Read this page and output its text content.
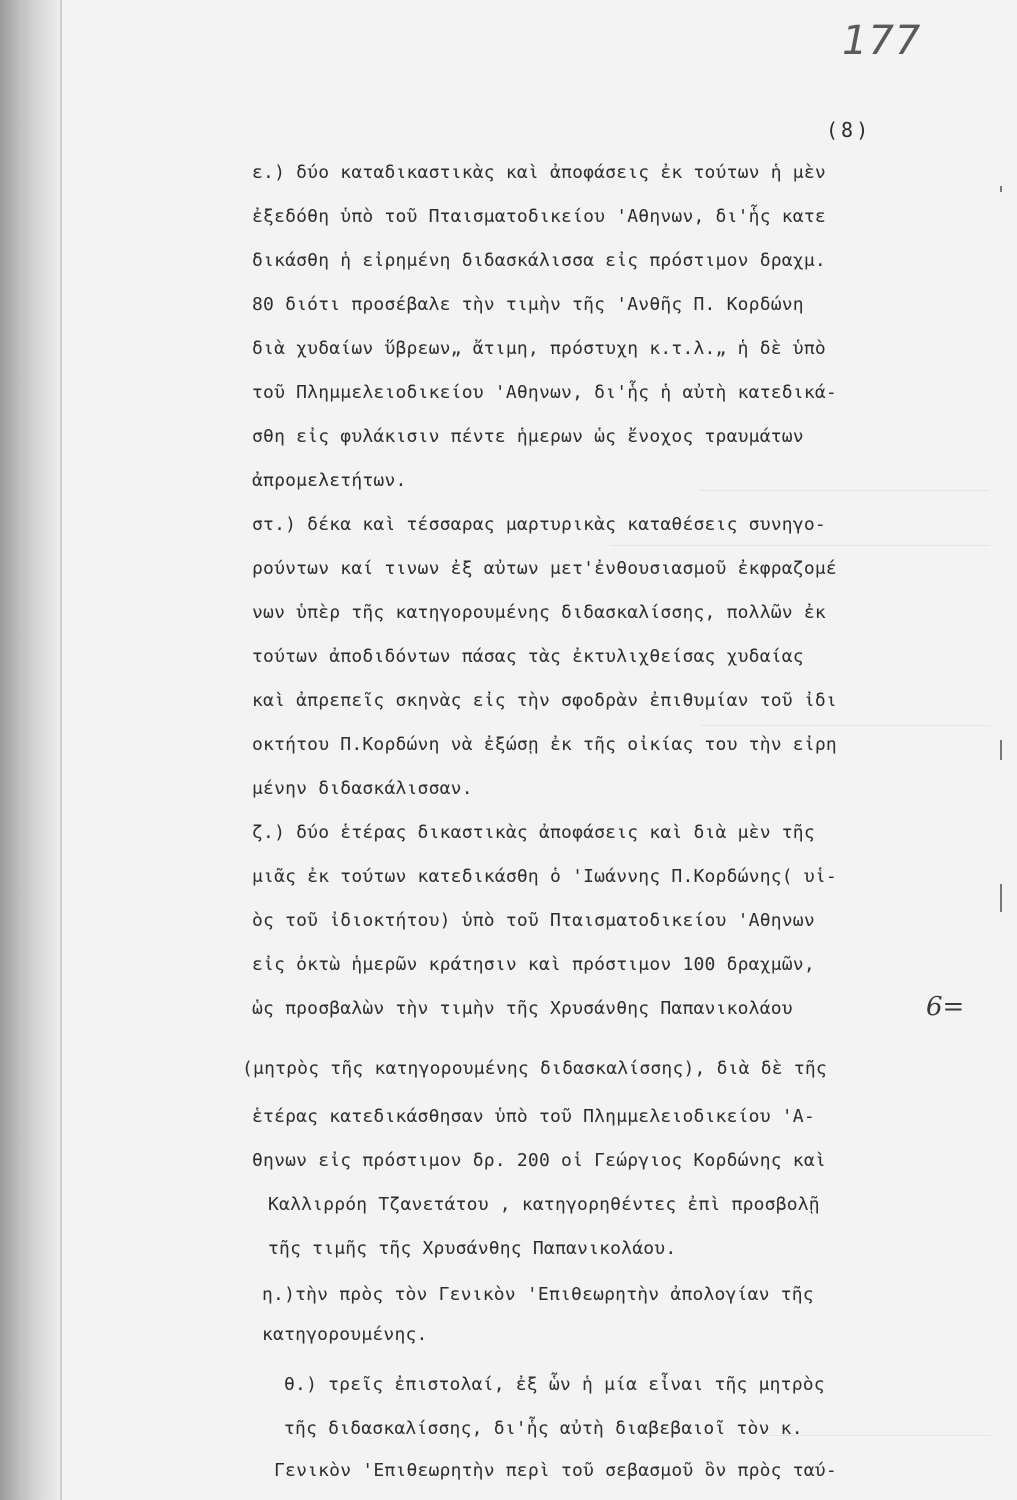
177
(8)
ε.) δύο καταδικαστικὰς καὶ ἀποφάσεις ἐκ τούτων ἡ μὲν
ἐξεδόθη ὑπὸ τοῦ Πταισματοδικείου 'Αθηνων, δι'ἧς κατε
δικάσθη ἡ εἰρημένη διδασκάλισσα εἰς πρόστιμον δραχμ.
80 διότι προσέβαλε τὴν τιμὴν τῆς 'Ανθῆς Π. Κορδώνη
διὰ χυδαίων ὕβρεων„ ἄτιμη, πρόστυχη κ.τ.λ.„ ἡ δὲ ὑπὸ
τοῦ Πλημμελειοδικείου 'Αθηνων, δι'ἧς ἡ αὐτὴ κατεδικά-
σθη εἰς φυλάκισιν πέντε ἡμερων ὡς ἔνοχος τραυμάτων
ἀπρομελετήτων.
στ.) δέκα καὶ τέσσαρας μαρτυρικὰς καταθέσεις συνηγο-
ρούντων καί τινων ἐξ αὐτων μετ'ἐνθουσιασμοῦ ἐκφραζομέ
νων ὑπὲρ τῆς κατηγορουμένης διδασκαλίσσης, πολλῶν ἐκ
τούτων ἀποδιδόντων πάσας τὰς ἐκτυλιχθείσας χυδαίας
καὶ ἀπρεπεῖς σκηνὰς εἰς τὴν σφοδρὰν ἐπιθυμίαν τοῦ ἰδι
οκτήτου Π.Κορδώνη νὰ ἐξώσῃ ἐκ τῆς οἰκίας του τὴν εἰρη
μένην διδασκάλισσαν.
ζ.) δύο ἑτέρας δικαστικὰς ἀποφάσεις καὶ διὰ μὲν τῆς
μιᾶς ἐκ τούτων κατεδικάσθη ὁ 'Ιωάννης Π.Κορδώνης( υἱ-
ὸς τοῦ ἰδιοκτήτου) ὑπὸ τοῦ Πταισματοδικείου 'Αθηνων
εἰς ὀκτὼ ἡμερῶν κράτησιν καὶ πρόστιμον 100 δραχμῶν,
ὡς προσβαλὼν τὴν τιμὴν τῆς Χρυσάνθης Παπανικολάου
(μητρὸς τῆς κατηγορουμένης διδασκαλίσσης), διὰ δὲ τῆς
ἑτέρας κατεδικάσθησαν ὑπὸ τοῦ Πλημμελειοδικείου 'Α-
θηνων εἰς πρόστιμον δρ. 200 οἱ Γεώργιος Κορδώνης καὶ
Καλλιρρόη Τζανετάτου , κατηγορηθέντες ἐπὶ προσβολῇ
τῆς τιμῆς τῆς Χρυσάνθης Παπανικολάου.
η.)τὴν πρὸς τὸν Γενικὸν 'Επιθεωρητὴν ἀπολογίαν τῆς
κατηγορουμένης.
θ.) τρεῖς ἐπιστολαί, ἐξ ὧν ἡ μία εἶναι τῆς μητρὸς
τῆς διδασκαλίσσης, δι'ἧς αὐτὴ διαβεβαιοῖ τὸν κ.
Γενικὸν 'Επιθεωρητὴν περὶ τοῦ σεβασμοῦ ὃν πρὸς ταύ-
6=
